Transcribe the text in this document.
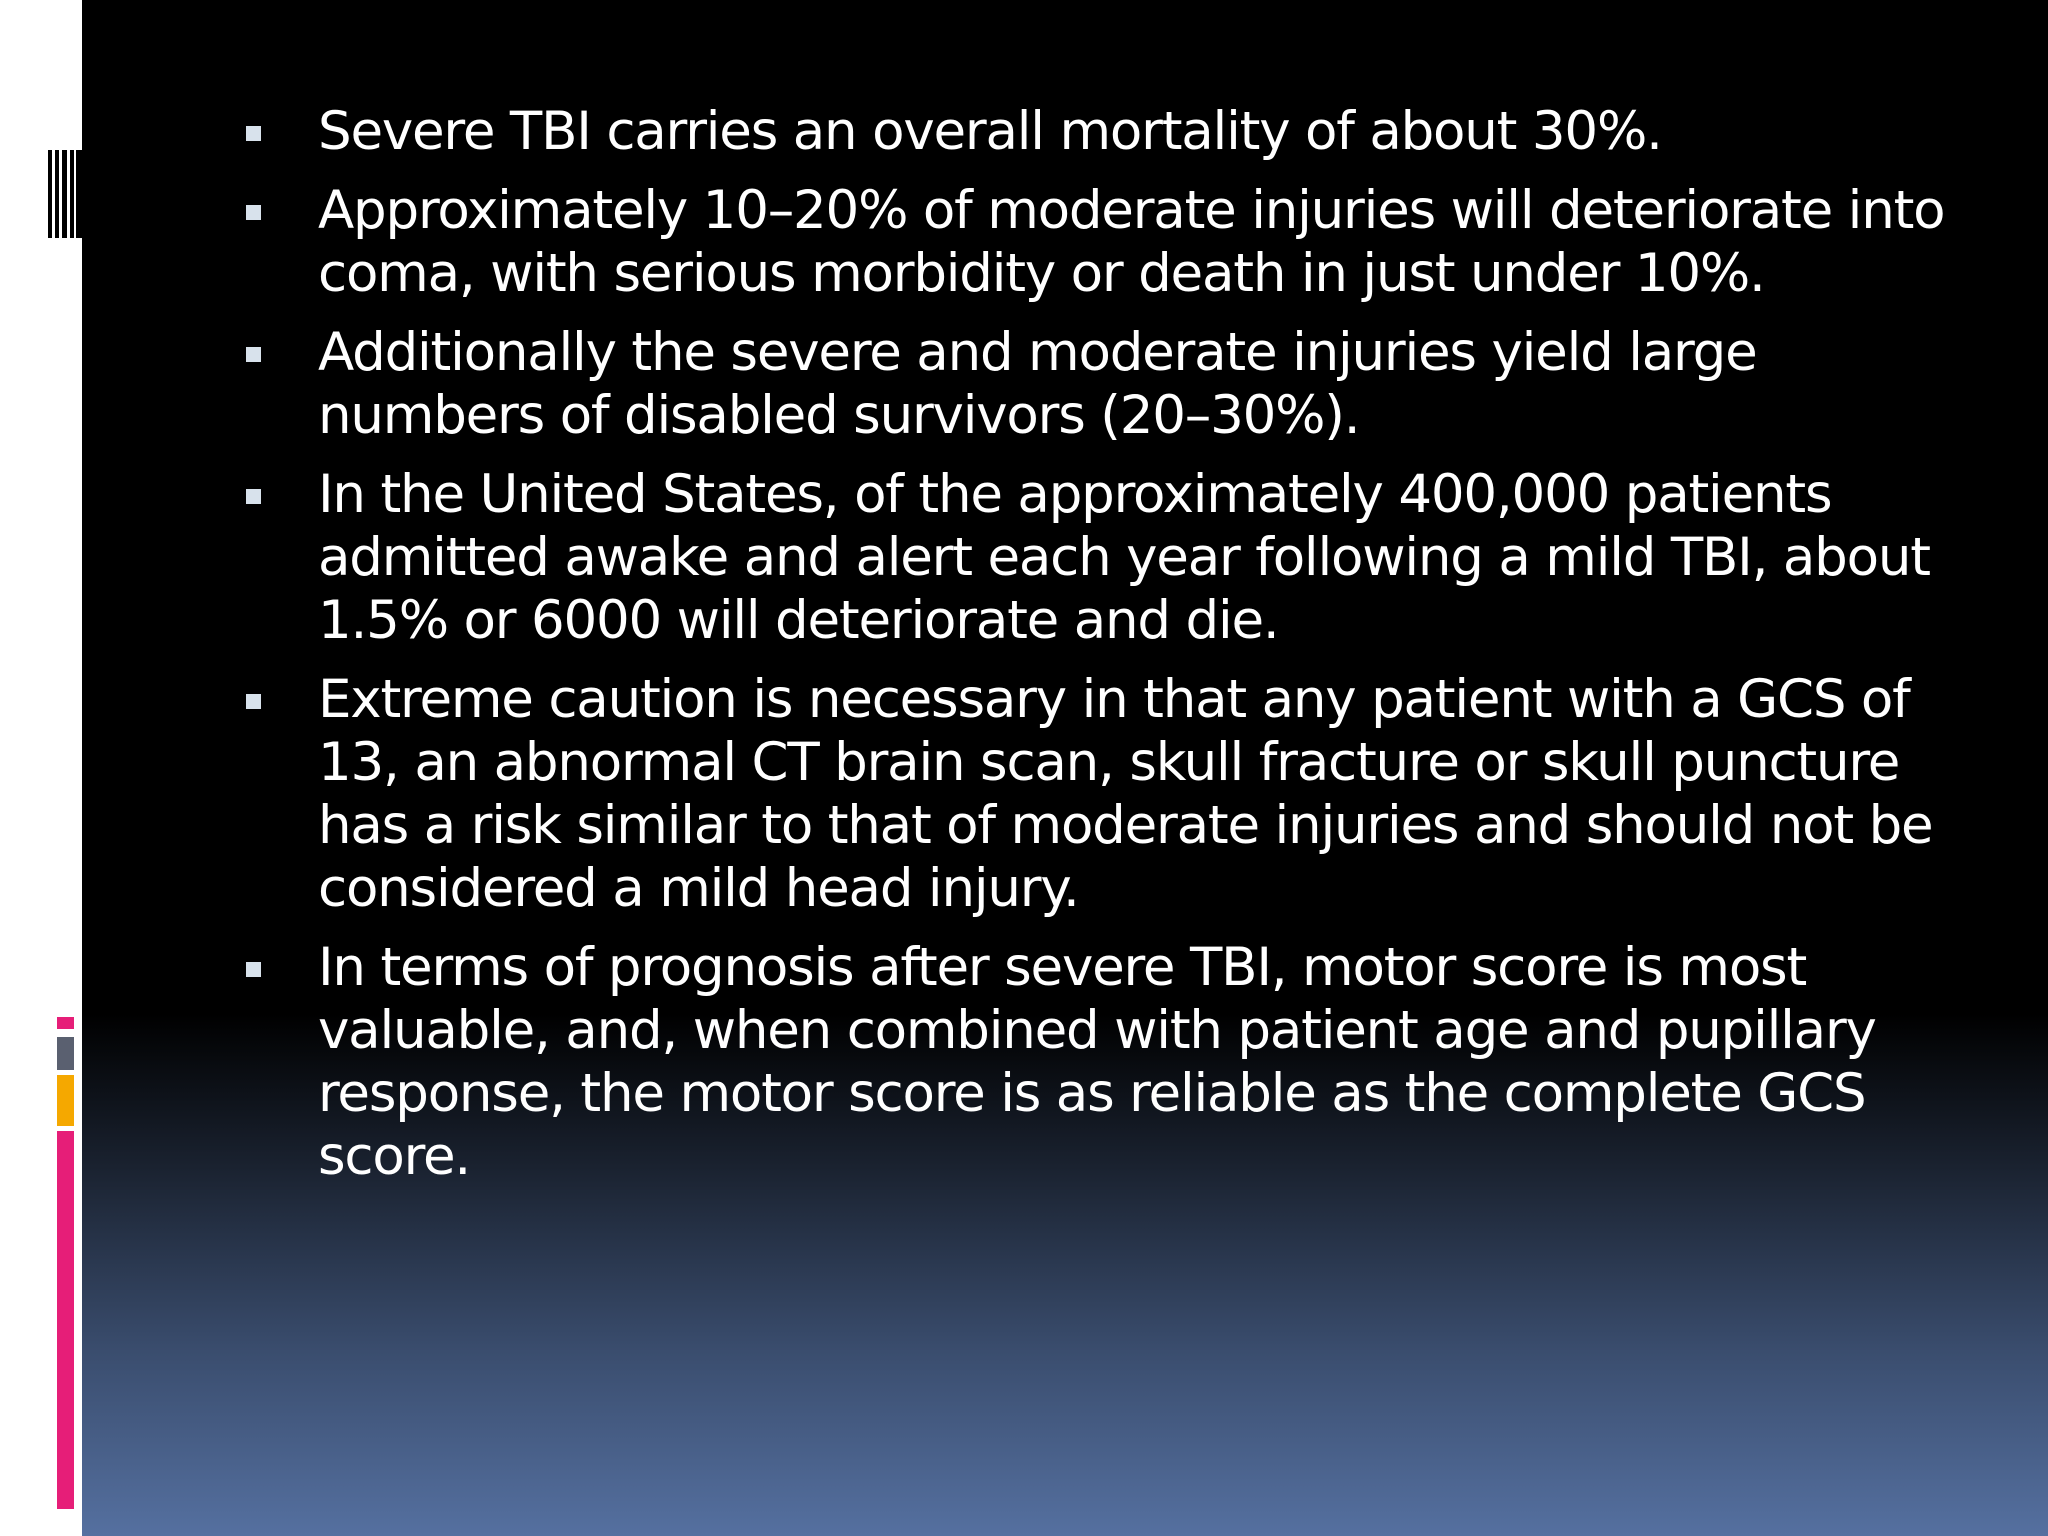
Severe TBI carries an overall mortality of about 30%.
Approximately 10–20% of moderate injuries will deteriorate into coma, with serious morbidity or death in just under 10%.
Additionally the severe and moderate injuries yield large numbers of disabled survivors (20–30%).
In the United States, of the approximately 400,000 patients admitted awake and alert each year following a mild TBI, about 1.5% or 6000 will deteriorate and die.
Extreme caution is necessary in that any patient with a GCS of 13, an abnormal CT brain scan, skull fracture or skull puncture has a risk similar to that of moderate injuries and should not be considered a mild head injury.
In terms of prognosis after severe TBI, motor score is most valuable, and, when combined with patient age and pupillary response, the motor score is as reliable as the complete GCS score.
